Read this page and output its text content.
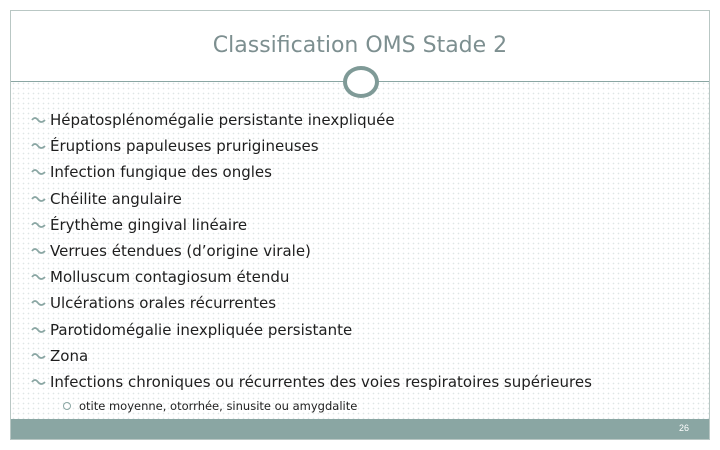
Classification OMS Stade 2
Hépatosplénomégalie persistante inexpliquée
Éruptions papuleuses prurigineuses
Infection fungique des ongles
Chéilite angulaire
Érythème gingival linéaire
Verrues étendues (d’origine virale)
Molluscum contagiosum étendu
Ulcérations orales récurrentes
Parotidomégalie inexpliquée persistante
Zona
Infections chroniques ou récurrentes des voies respiratoires supérieures
otite moyenne, otorrhée, sinusite ou amygdalite
26
